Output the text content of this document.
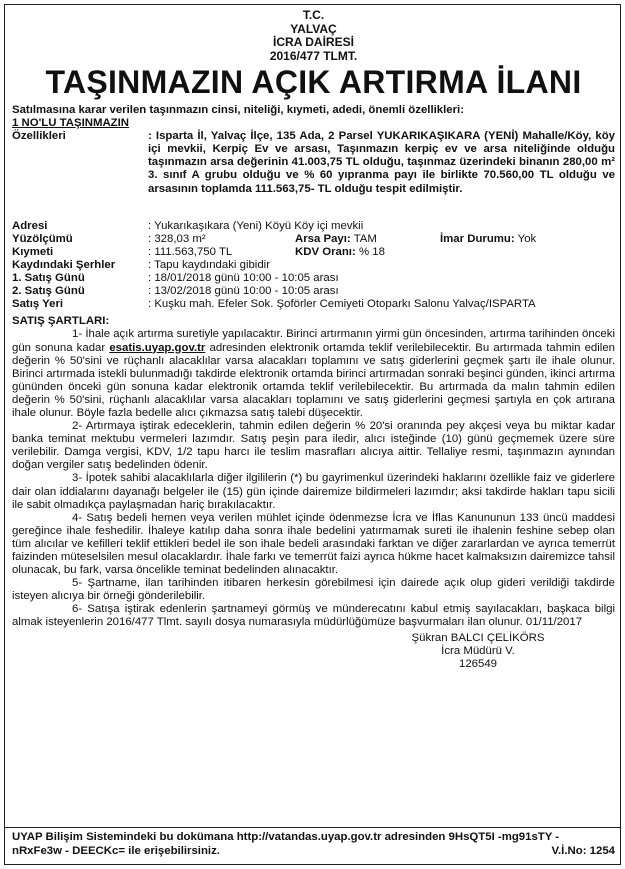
T.C.
YALVAÇ
İCRA DAİRESİ
2016/477 TLMT.
TAŞINMAZIN AÇIK ARTIRMA İLANI
Satılmasına karar verilen taşınmazın cinsi, niteliği, kıymeti, adedi, önemli özellikleri:
1 NO'LU TAŞINMAZIN
Özellikleri	: Isparta İl, Yalvaç İlçe, 135 Ada, 2 Parsel YUKARIKAŞIKARA (YENİ) Mahalle/Köy, köy içi mevkii, Kerpiç Ev ve arsası, Taşınmazın kerpiç ev ve arsa niteliğinde olduğu taşınmazın arsa değerinin 41.003,75 TL olduğu, taşınmaz üzerindeki binanın 280,00 m² 3. sınıf A grubu olduğu ve % 60 yıpranma payı ile birlikte 70.560,00 TL olduğu ve arsasının toplamda 111.563,75- TL olduğu tespit edilmiştir.
Adresi	: Yukarıkaşıkara (Yeni) Köyü Köy içi mevkii
Yüzölçümü	: 328,03 m²	Arsa Payı: TAM	İmar Durumu: Yok
Kıymeti	: 111.563,750 TL	KDV Oranı: % 18
Kaydındaki Şerhler	: Tapu kaydındaki gibidir
1. Satış Günü	: 18/01/2018 günü 10:00 - 10:05 arası
2. Satış Günü	: 13/02/2018 günü 10:00 - 10:05 arası
Satış Yeri	: Kuşku mah. Efeler Sok. Şoförler Cemiyeti Otoparkı Salonu Yalvaç/ISPARTA
SATIŞ ŞARTLARI:
1- İhale açık artırma suretiyle yapılacaktır. Birinci artırmanın yirmi gün öncesinden, artırma tarihinden önceki gün sonuna kadar esatis.uyap.gov.tr adresinden elektronik ortamda teklif verilebilecektir. Bu artırmada tahmin edilen değerin % 50'sini ve rüçhanlı alacaklılar varsa alacakları toplamını ve satış giderlerini geçmek şartı ile ihale olunur. Birinci artırmada istekli bulunmadığı takdirde elektronik ortamda birinci artırmadan sonraki beşinci günden, ikinci artırma gününden önceki gün sonuna kadar elektronik ortamda teklif verilebilecektir. Bu artırmada da malın tahmin edilen değerin % 50'sini, rüçhanlı alacaklılar varsa alacakları toplamını ve satış giderlerini geçmesi şartıyla en çok artırana ihale olunur. Böyle fazla bedelle alıcı çıkmazsa satış talebi düşecektir.
2- Artırmaya iştirak edeceklerin, tahmin edilen değerin % 20'si oranında pey akçesi veya bu miktar kadar banka teminat mektubu vermeleri lazımdır. Satış peşin para iledir, alıcı isteğinde (10) günü geçmemek üzere süre verilebilir. Damga vergisi, KDV, 1/2 tapu harcı ile teslim masrafları alıcıya aittir. Tellaliye resmi, taşınmazın aynından doğan vergiler satış bedelinden ödenir.
3- İpotek sahibi alacaklılarla diğer ilgililerin (*) bu gayrimenkul üzerindeki haklarını özellikle faiz ve giderlere dair olan iddialarını dayanağı belgeler ile (15) gün içinde dairemize bildirmeleri lazımdır; aksi takdirde hakları tapu sicili ile sabit olmadıkça paylaşmadan hariç bırakılacaktır.
4- Satış bedeli hemen veya verilen mühlet içinde ödenmezse İcra ve İflas Kanununun 133 üncü maddesi gereğince ihale feshedilir. İhaleye katılıp daha sonra ihale bedelini yatırmamak sureti ile ihalenin feshine sebep olan tüm alıcılar ve kefilleri teklif ettikleri bedel ile son ihale bedeli arasındaki farktan ve diğer zararlardan ve ayrıca temerrüt faizinden müteselsilen mesul olacaklardır. İhale farkı ve temerrüt faizi ayrıca hükme hacet kalmaksızın dairemizce tahsil olunacak, bu fark, varsa öncelikle teminat bedelinden alınacaktır.
5- Şartname, ilan tarihinden itibaren herkesin görebilmesi için dairede açık olup gideri verildiği takdirde isteyen alıcıya bir örneği gönderilebilir.
6- Satışa iştirak edenlerin şartnameyi görmüş ve münderecatını kabul etmiş sayılacakları, başkaca bilgi almak isteyenlerin 2016/477 Tlmt. sayılı dosya numarasıyla müdürlüğümüze başvurmaları ilan olunur. 01/11/2017
Şükran BALCI ÇELİKÖRS
İcra Müdürü V.
126549
UYAP Bilişim Sistemindeki bu dokümana http://vatandas.uyap.gov.tr adresinden 9HsQT5I -mg91sTY -
nRxFe3w - DEECKc= ile erişebilirsiniz.	V.İ.No: 1254
